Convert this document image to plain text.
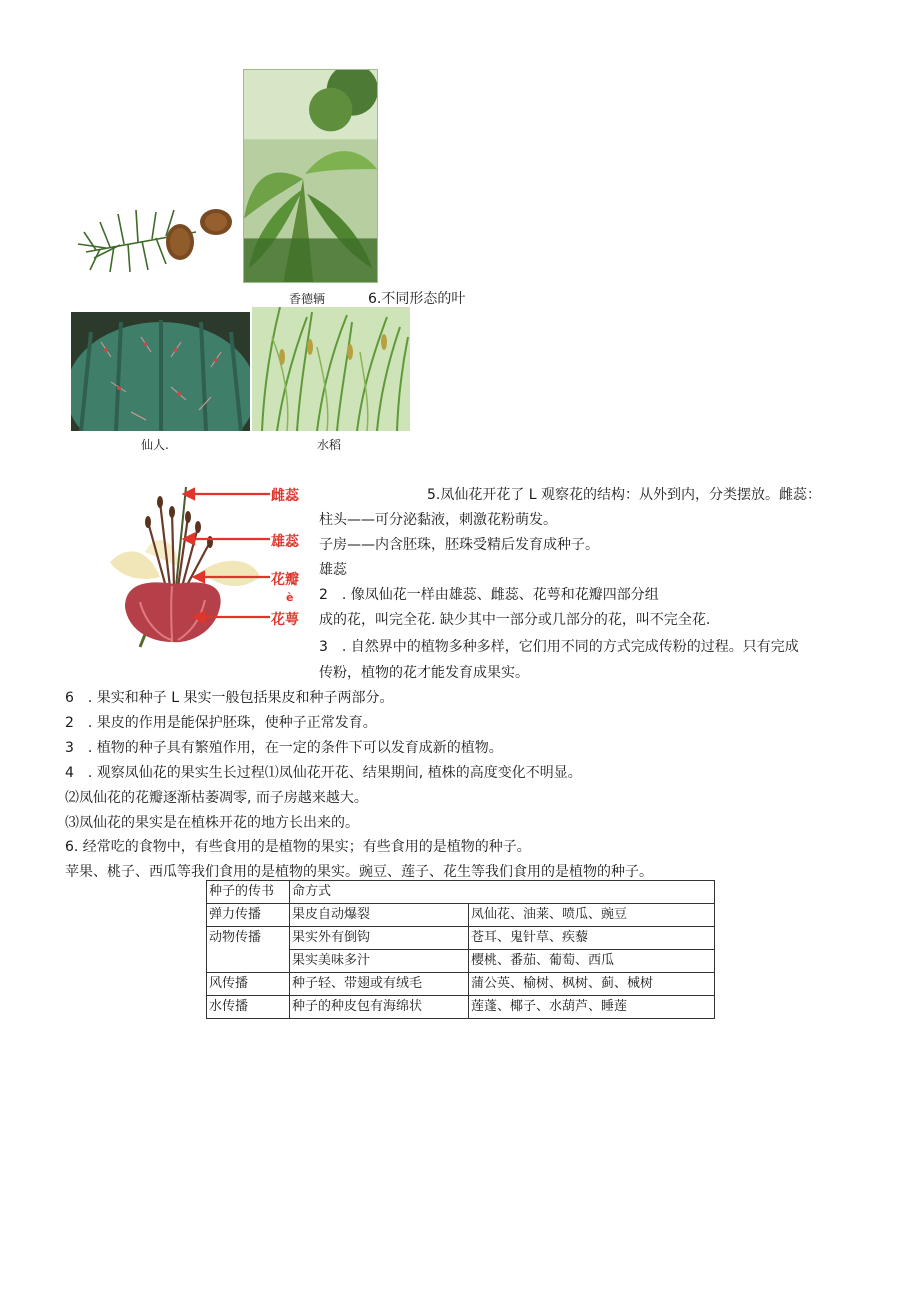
香德辆	6.不同形态的叶
仙人.	水稻
雌蕊
雄蕊
花瓣
è
花萼
5.凤仙花开花了 L 观察花的结构：从外到内，分类摆放。雌蕊：
柱头——可分泌黏液，刺激花粉萌发。
子房——内含胚珠，胚珠受精后发育成种子。
雄蕊
2　. 像凤仙花一样由雄蕊、雌蕊、花萼和花瓣四部分组
成的花，叫完全花. 缺少其中一部分或几部分的花，叫不完全花.
3　. 自然界中的植物多种多样，它们用不同的方式完成传粉的过程。只有完成
传粉，植物的花才能发育成果实。
6　. 果实和种子 L 果实一般包括果皮和种子两部分。
2　. 果皮的作用是能保护胚珠，使种子正常发育。
3　. 植物的种子具有繁殖作用，在一定的条件下可以发育成新的植物。
4　. 观察凤仙花的果实生长过程⑴凤仙花开花、结果期间, 植株的高度变化不明显。
⑵凤仙花的花瓣逐渐枯萎凋零, 而子房越来越大。
⑶凤仙花的果实是在植株开花的地方长出来的。
6. 经常吃的食物中，有些食用的是植物的果实；有些食用的是植物的种子。
苹果、桃子、西瓜等我们食用的是植物的果实。豌豆、莲子、花生等我们食用的是植物的种子。
种子的传书	命方式	
弹力传播	果皮自动爆裂	凤仙花、油莱、喷瓜、豌豆
动物传播	果实外有倒钩	苍耳、鬼针草、疾藜
	果实美味多汁	樱桃、番茄、葡萄、西瓜
风传播	种子轻、带翅或有绒毛	蒲公英、榆树、枫树、蓟、械树
水传播	种子的种皮包有海绵状	莲蓬、椰子、水葫芦、睡莲
